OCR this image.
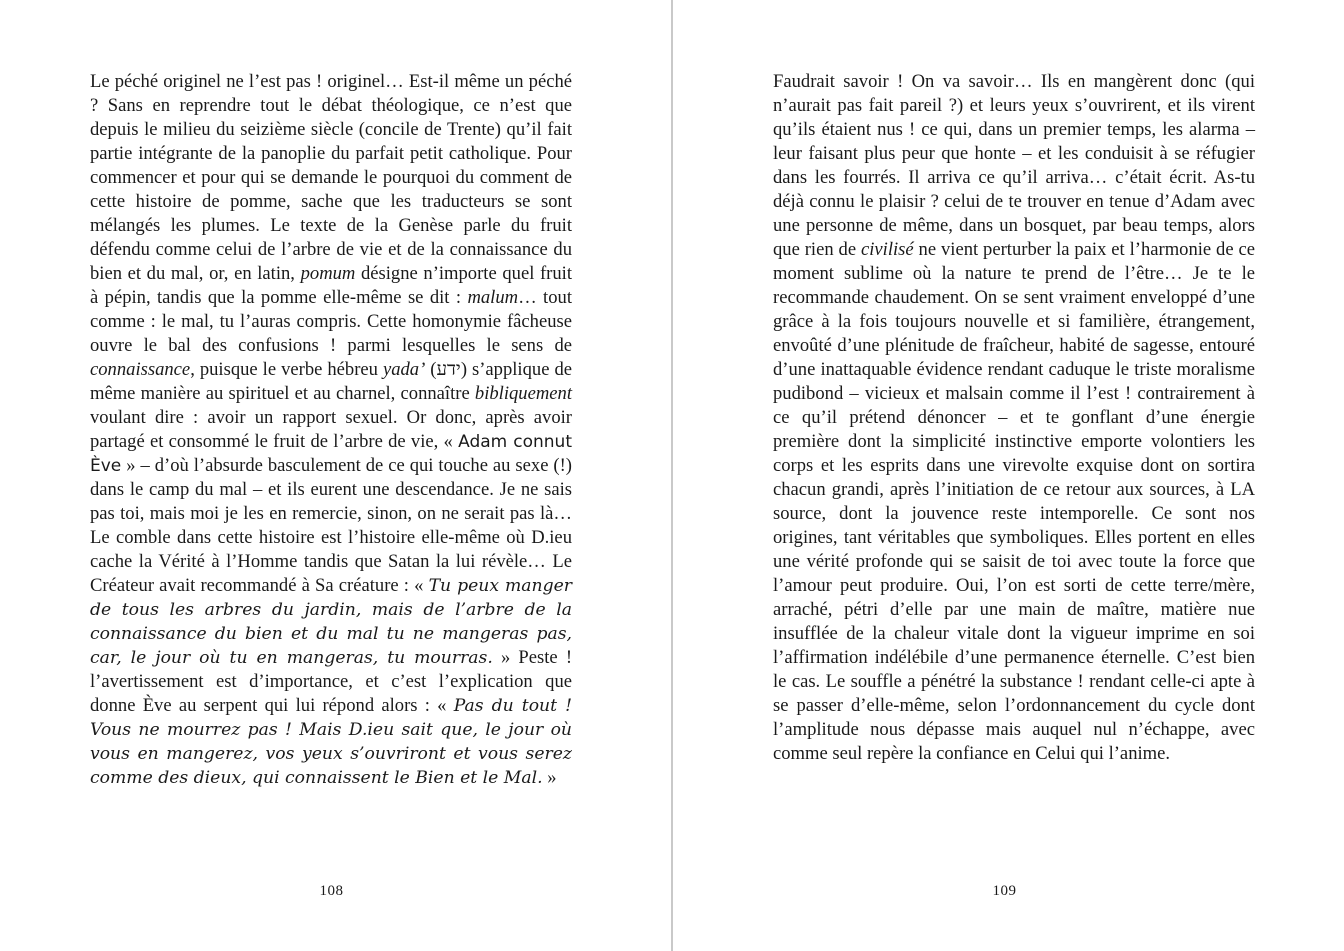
Le péché originel ne l’est pas ! originel… Est-il même un péché ? Sans en reprendre tout le débat théologique, ce n’est que depuis le milieu du seizième siècle (concile de Trente) qu’il fait partie intégrante de la panoplie du parfait petit catholique. Pour commencer et pour qui se demande le pourquoi du comment de cette histoire de pomme, sache que les traducteurs se sont mélangés les plumes. Le texte de la Genèse parle du fruit défendu comme celui de l’arbre de vie et de la connaissance du bien et du mal, or, en latin, pomum désigne n’importe quel fruit à pépin, tandis que la pomme elle-même se dit : malum… tout comme : le mal, tu l’auras compris. Cette homonymie fâcheuse ouvre le bal des confusions ! parmi lesquelles le sens de connaissance, puisque le verbe hébreu yada’ (ידע) s’applique de même manière au spirituel et au charnel, connaître bibliquement voulant dire : avoir un rapport sexuel. Or donc, après avoir partagé et consommé le fruit de l’arbre de vie, « Adam connut Ève » – d’où l’absurde basculement de ce qui touche au sexe (!) dans le camp du mal – et ils eurent une descendance. Je ne sais pas toi, mais moi je les en remercie, sinon, on ne serait pas là… Le comble dans cette histoire est l’histoire elle-même où D.ieu cache la Vérité à l’Homme tandis que Satan la lui révèle… Le Créateur avait recommandé à Sa créature : « Tu peux manger de tous les arbres du jardin, mais de l’arbre de la connaissance du bien et du mal tu ne mangeras pas, car, le jour où tu en mangeras, tu mourras. » Peste ! l’avertissement est d’importance, et c’est l’explication que donne Ève au serpent qui lui répond alors : « Pas du tout ! Vous ne mourrez pas ! Mais D.ieu sait que, le jour où vous en mangerez, vos yeux s’ouvriront et vous serez comme des dieux, qui connaissent le Bien et le Mal. »

108

Faudrait savoir ! On va savoir… Ils en mangèrent donc (qui n’aurait pas fait pareil ?) et leurs yeux s’ouvrirent, et ils virent qu’ils étaient nus ! ce qui, dans un premier temps, les alarma – leur faisant plus peur que honte – et les conduisit à se réfugier dans les fourrés. Il arriva ce qu’il arriva… c’était écrit. As-tu déjà connu le plaisir ? celui de te trouver en tenue d’Adam avec une personne de même, dans un bosquet, par beau temps, alors que rien de civilisé ne vient perturber la paix et l’harmonie de ce moment sublime où la nature te prend de l’être… Je te le recommande chaudement. On se sent vraiment enveloppé d’une grâce à la fois toujours nouvelle et si familière, étrangement, envoûté d’une plénitude de fraîcheur, habité de sagesse, entouré d’une inattaquable évidence rendant caduque le triste moralisme pudibond – vicieux et malsain comme il l’est ! contrairement à ce qu’il prétend dénoncer – et te gonflant d’une énergie première dont la simplicité instinctive emporte volontiers les corps et les esprits dans une virevolte exquise dont on sortira chacun grandi, après l’initiation de ce retour aux sources, à LA source, dont la jouvence reste intemporelle. Ce sont nos origines, tant véritables que symboliques. Elles portent en elles une vérité profonde qui se saisit de toi avec toute la force que l’amour peut produire. Oui, l’on est sorti de cette terre/mère, arraché, pétri d’elle par une main de maître, matière nue insufflée de la chaleur vitale dont la vigueur imprime en soi l’affirmation indélébile d’une permanence éternelle. C’est bien le cas. Le souffle a pénétré la substance ! rendant celle-ci apte à se passer d’elle-même, selon l’ordonnancement du cycle dont l’amplitude nous dépasse mais auquel nul n’échappe, avec comme seul repère la confiance en Celui qui l’anime.

109
